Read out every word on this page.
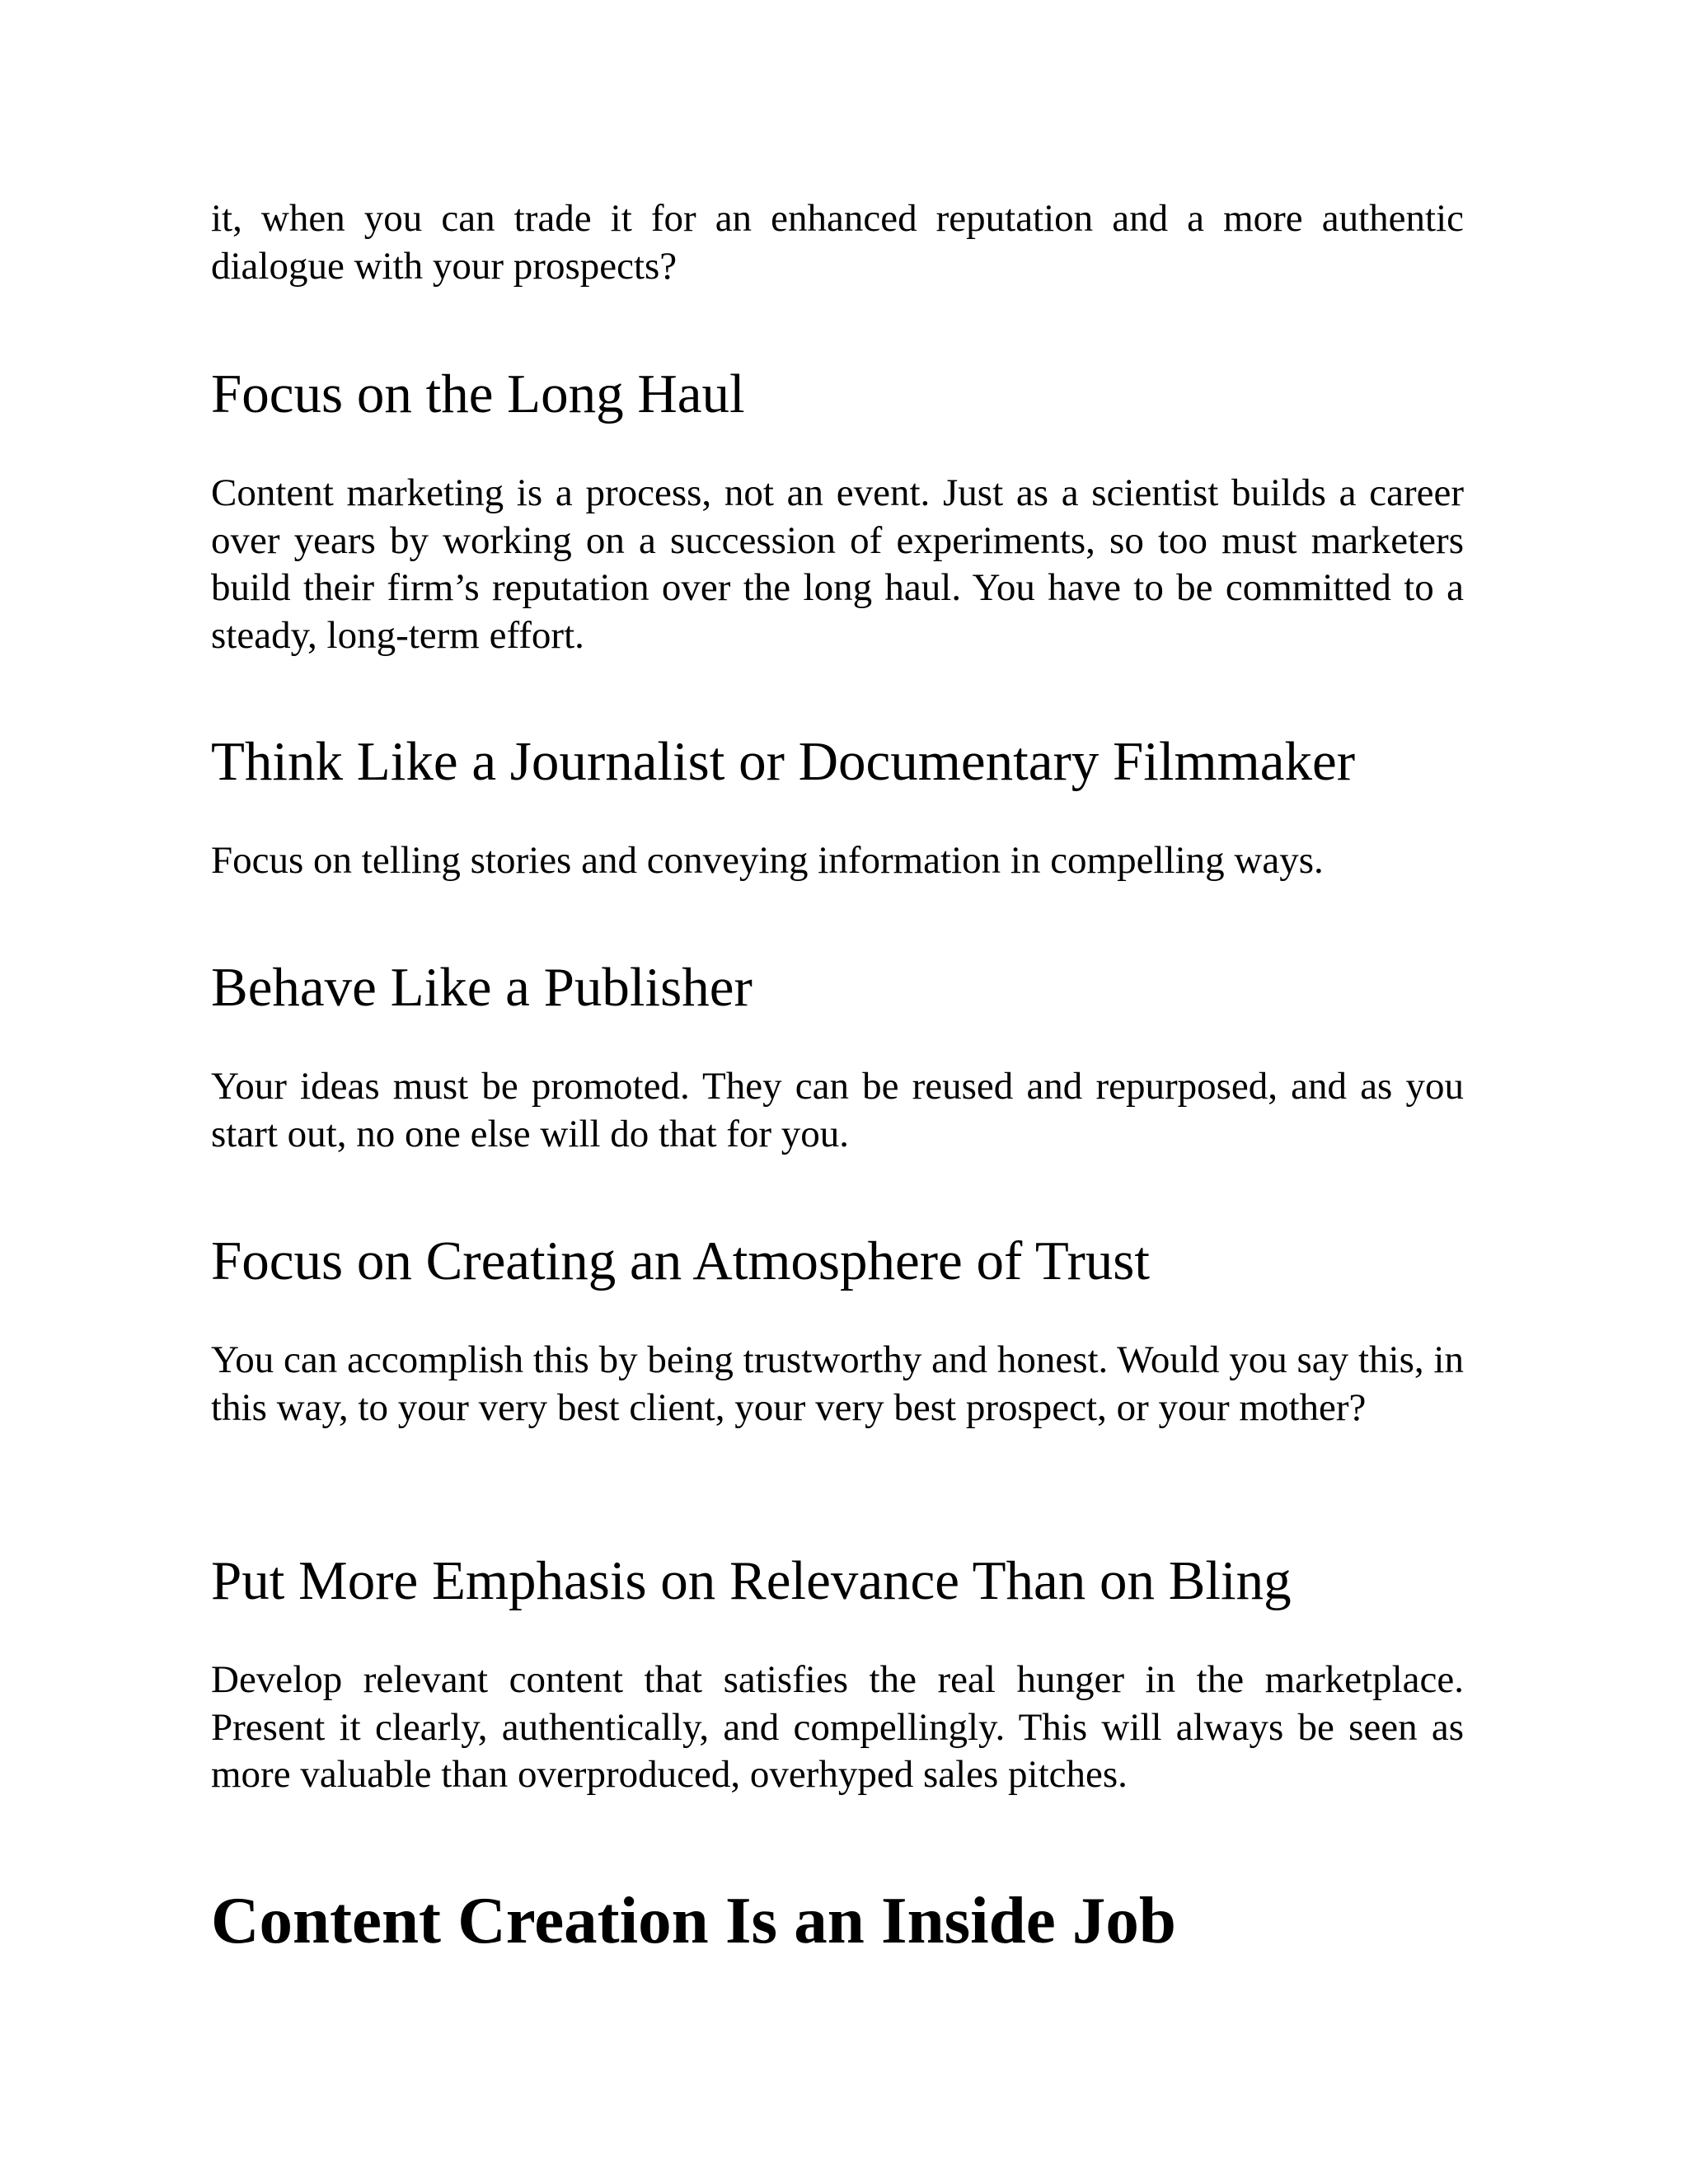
it, when you can trade it for an enhanced reputation and a more authentic dialogue with your prospects?

Focus on the Long Haul

Content marketing is a process, not an event. Just as a scientist builds a career over years by working on a succession of experiments, so too must marketers build their firm’s reputation over the long haul. You have to be committed to a steady, long-term effort.

Think Like a Journalist or Documentary Filmmaker

Focus on telling stories and conveying information in compelling ways.

Behave Like a Publisher

Your ideas must be promoted. They can be reused and repurposed, and as you start out, no one else will do that for you.

Focus on Creating an Atmosphere of Trust

You can accomplish this by being trustworthy and honest. Would you say this, in this way, to your very best client, your very best prospect, or your mother?

Put More Emphasis on Relevance Than on Bling

Develop relevant content that satisfies the real hunger in the marketplace. Present it clearly, authentically, and compellingly. This will always be seen as more valuable than overproduced, overhyped sales pitches.

Content Creation Is an Inside Job
